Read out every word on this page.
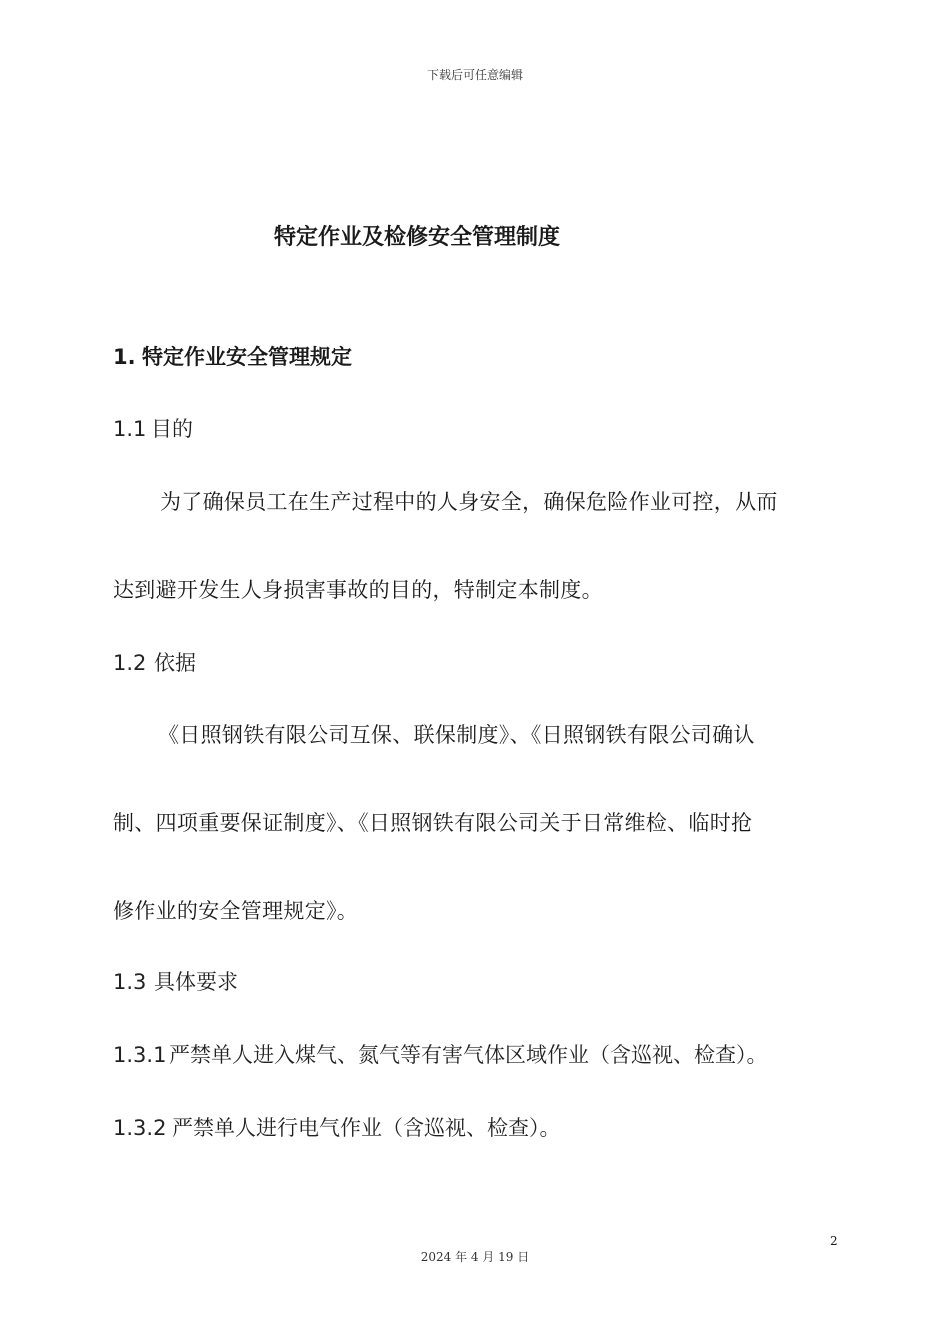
下载后可任意编辑
特定作业及检修安全管理制度
1. 特定作业安全管理规定
1.1 目的
为了确保员工在生产过程中的人身安全，确保危险作业可控，从而
达到避开发生人身损害事故的目的，特制定本制度。
1.2 依据
《日照钢铁有限公司互保、联保制度》、《日照钢铁有限公司确认
制、四项重要保证制度》、《日照钢铁有限公司关于日常维检、临时抢
修作业的安全管理规定》。
1.3 具体要求
1.3.1 严禁单人进入煤气、氮气等有害气体区域作业（含巡视、检查）。
1.3.2 严禁单人进行电气作业（含巡视、检查）。
2
2024 年 4 月 19 日
